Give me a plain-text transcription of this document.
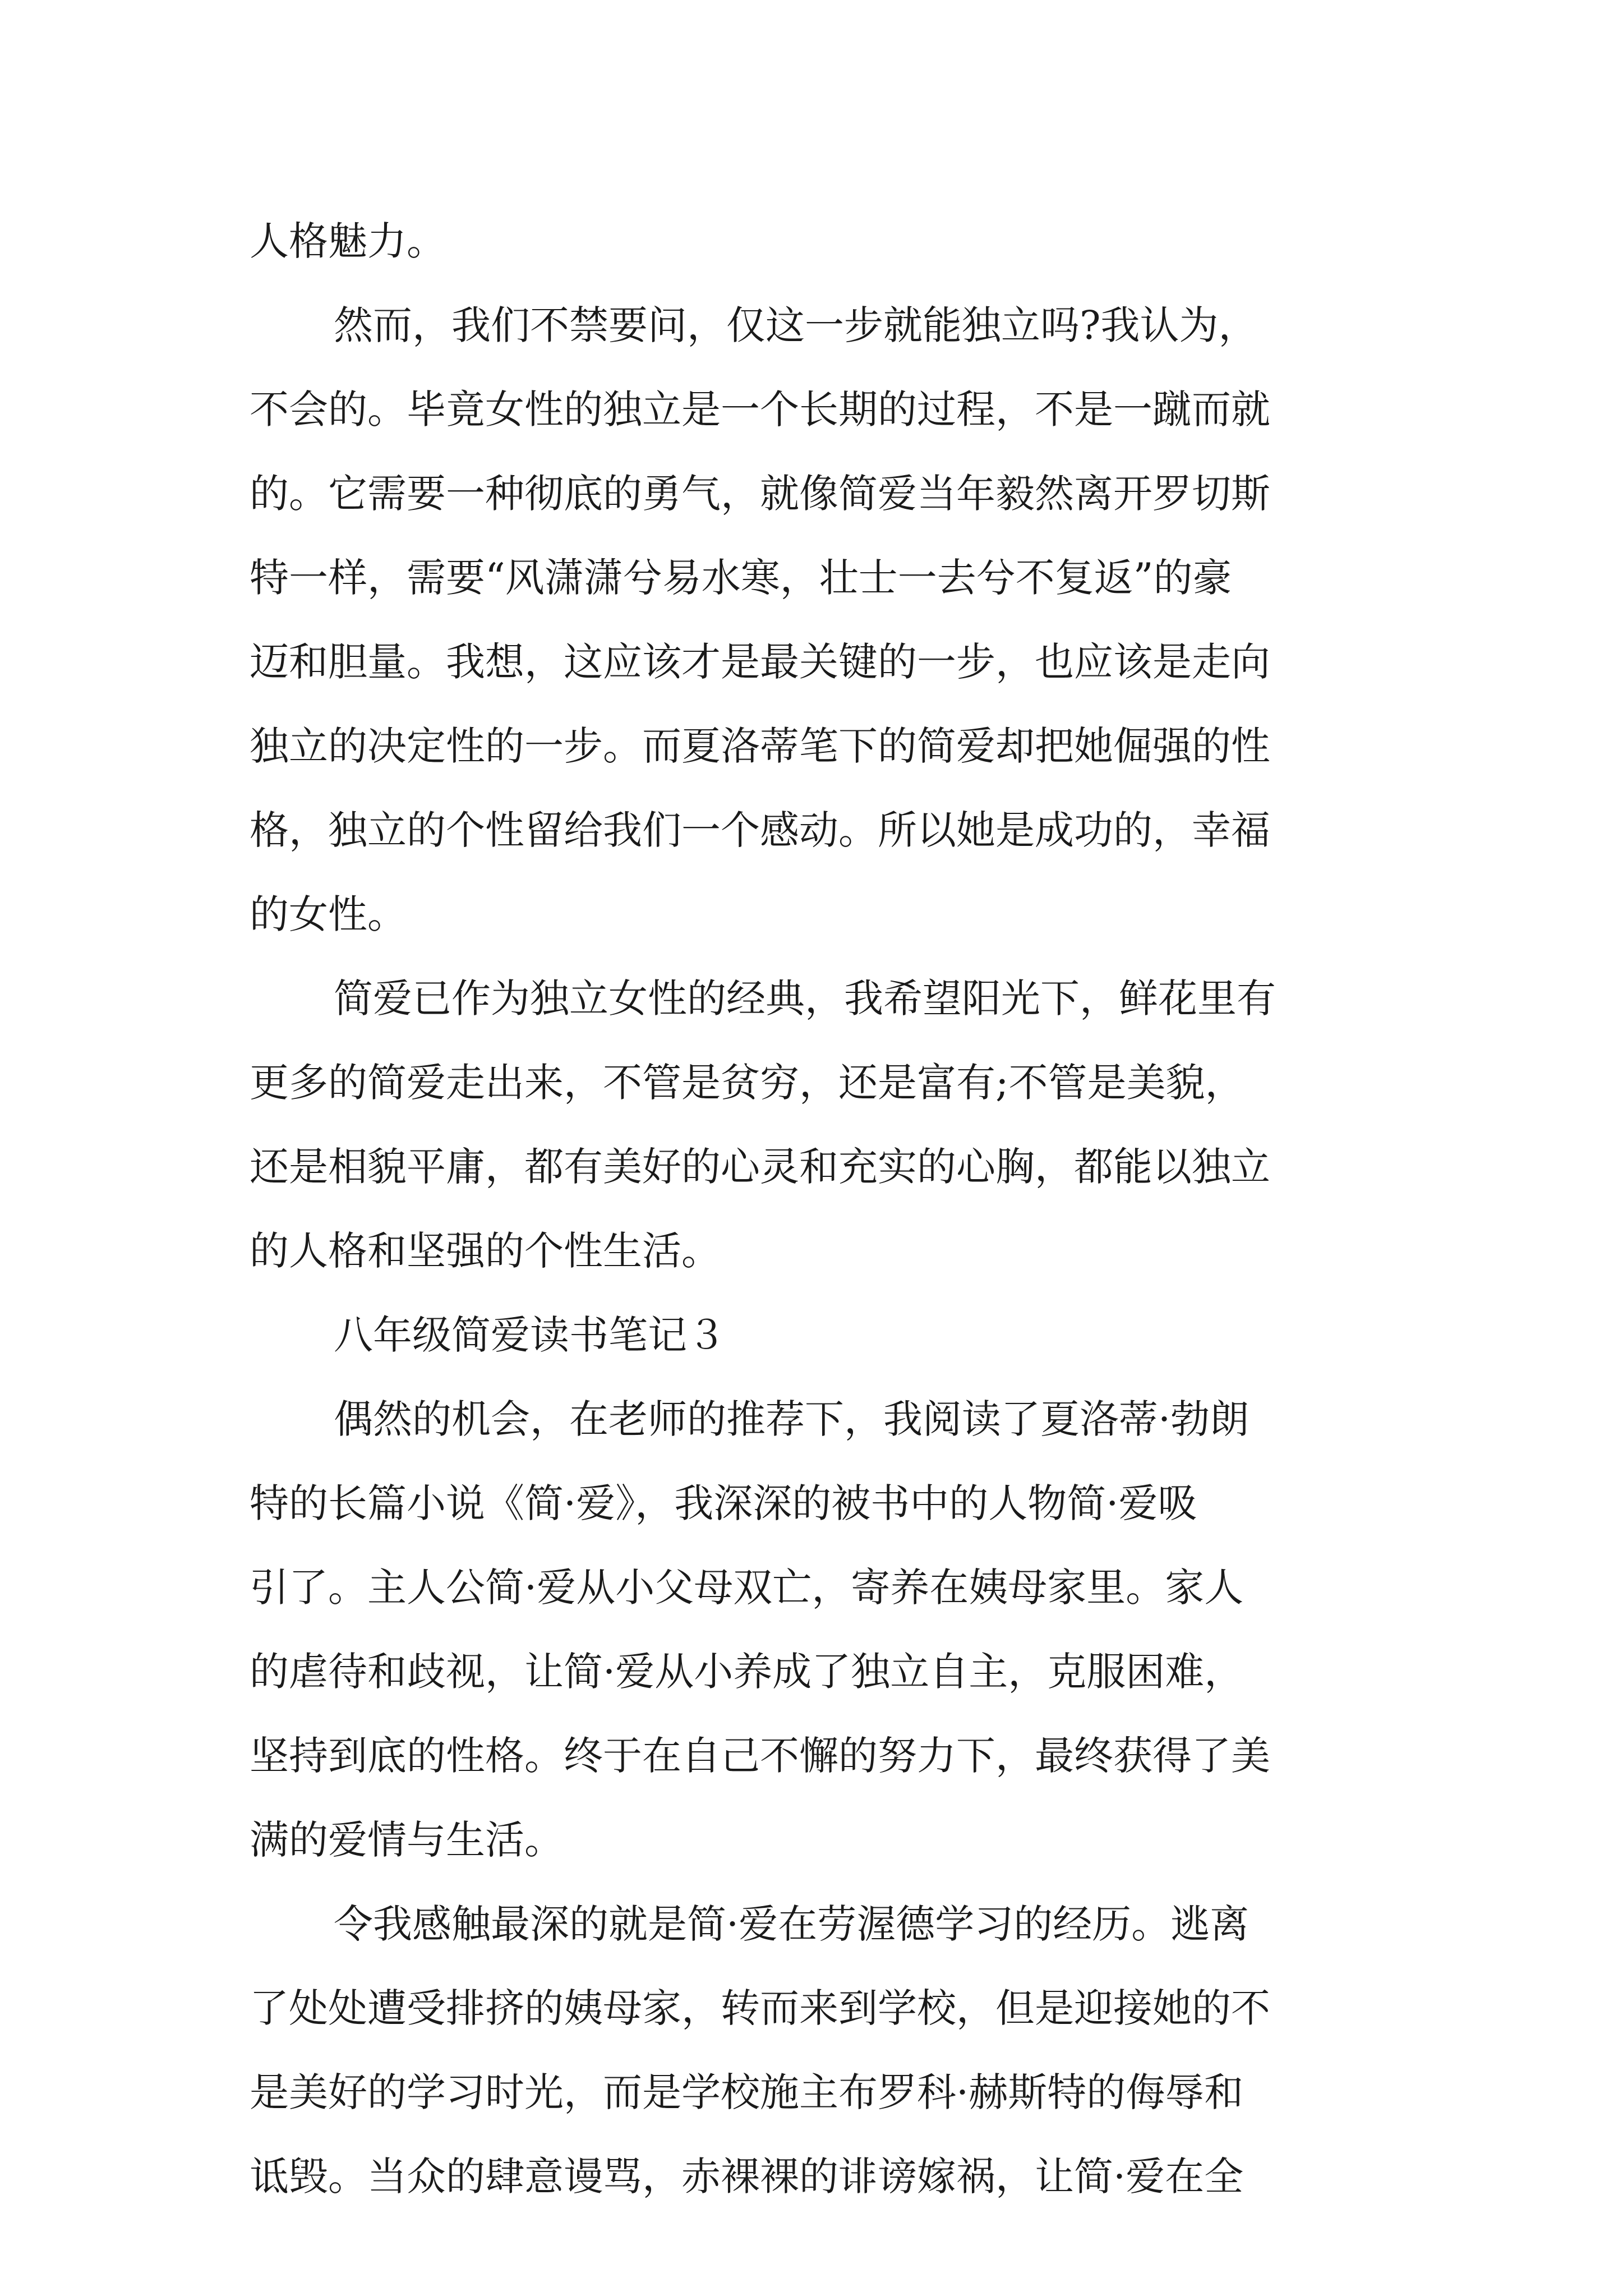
人格魅力。
然而，我们不禁要问，仅这一步就能独立吗?我认为，
不会的。毕竟女性的独立是一个长期的过程，不是一蹴而就
的。它需要一种彻底的勇气，就像简爱当年毅然离开罗切斯
特一样，需要“风潇潇兮易水寒，壮士一去兮不复返”的豪
迈和胆量。我想，这应该才是最关键的一步，也应该是走向
独立的决定性的一步。而夏洛蒂笔下的简爱却把她倔强的性
格，独立的个性留给我们一个感动。所以她是成功的，幸福
的女性。
简爱已作为独立女性的经典，我希望阳光下，鲜花里有
更多的简爱走出来，不管是贫穷，还是富有;不管是美貌，
还是相貌平庸，都有美好的心灵和充实的心胸，都能以独立
的人格和坚强的个性生活。
八年级简爱读书笔记３
偶然的机会，在老师的推荐下，我阅读了夏洛蒂·勃朗
特的长篇小说《简·爱》，我深深的被书中的人物简·爱吸
引了。主人公简·爱从小父母双亡，寄养在姨母家里。家人
的虐待和歧视，让简·爱从小养成了独立自主，克服困难，
坚持到底的性格。终于在自己不懈的努力下，最终获得了美
满的爱情与生活。
令我感触最深的就是简·爱在劳渥德学习的经历。逃离
了处处遭受排挤的姨母家，转而来到学校，但是迎接她的不
是美好的学习时光，而是学校施主布罗科·赫斯特的侮辱和
诋毁。当众的肆意谩骂，赤裸裸的诽谤嫁祸，让简·爱在全
